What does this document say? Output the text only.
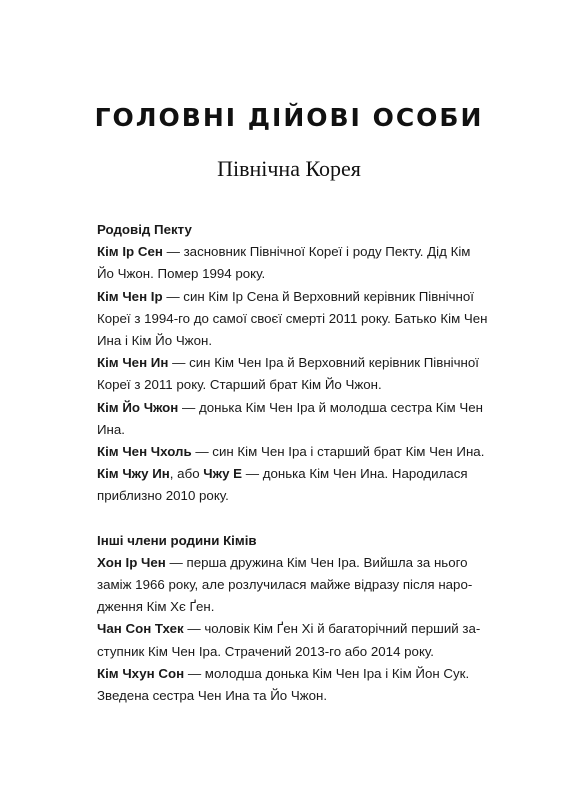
ГОЛОВНІ ДІЙОВІ ОСОБИ
Північна Корея

Родовід Пекту

Кім Ір Сен — засновник Північної Кореї і роду Пекту. Дід Кім
Йо Чжон. Помер 1994 року.

Кім Чен Ір — син Кім Ір Сена й Верховний керівник Північної
Кореї з 1994-го до самої своєї смерті 2011 року. Батько Кім Чен
Ина і Кім Йо Чжон.

Кім Чен Ин — син Кім Чен Іра й Верховний керівник Північної
Кореї з 2011 року. Старший брат Кім Йо Чжон.

Кім Йо Чжон — донька Кім Чен Іра й молодша сестра Кім Чен
Ина.

Кім Чен Чхоль — син Кім Чен Іра і старший брат Кім Чен Ина.

Кім Чжу Ин, або Чжу Е — донька Кім Чен Ина. Народилася
приблизно 2010 року.

Інші члени родини Кімів

Хон Ір Чен — перша дружина Кім Чен Іра. Вийшла за нього
заміж 1966 року, але розлучилася майже відразу після наро-
дження Кім Хє Ґен.

Чан Сон Тхек — чоловік Кім Ґен Хі й багаторічний перший за-
ступник Кім Чен Іра. Страчений 2013-го або 2014 року.

Кім Чхун Сон — молодша донька Кім Чен Іра і Кім Йон Сук.
Зведена сестра Чен Ина та Йо Чжон.
